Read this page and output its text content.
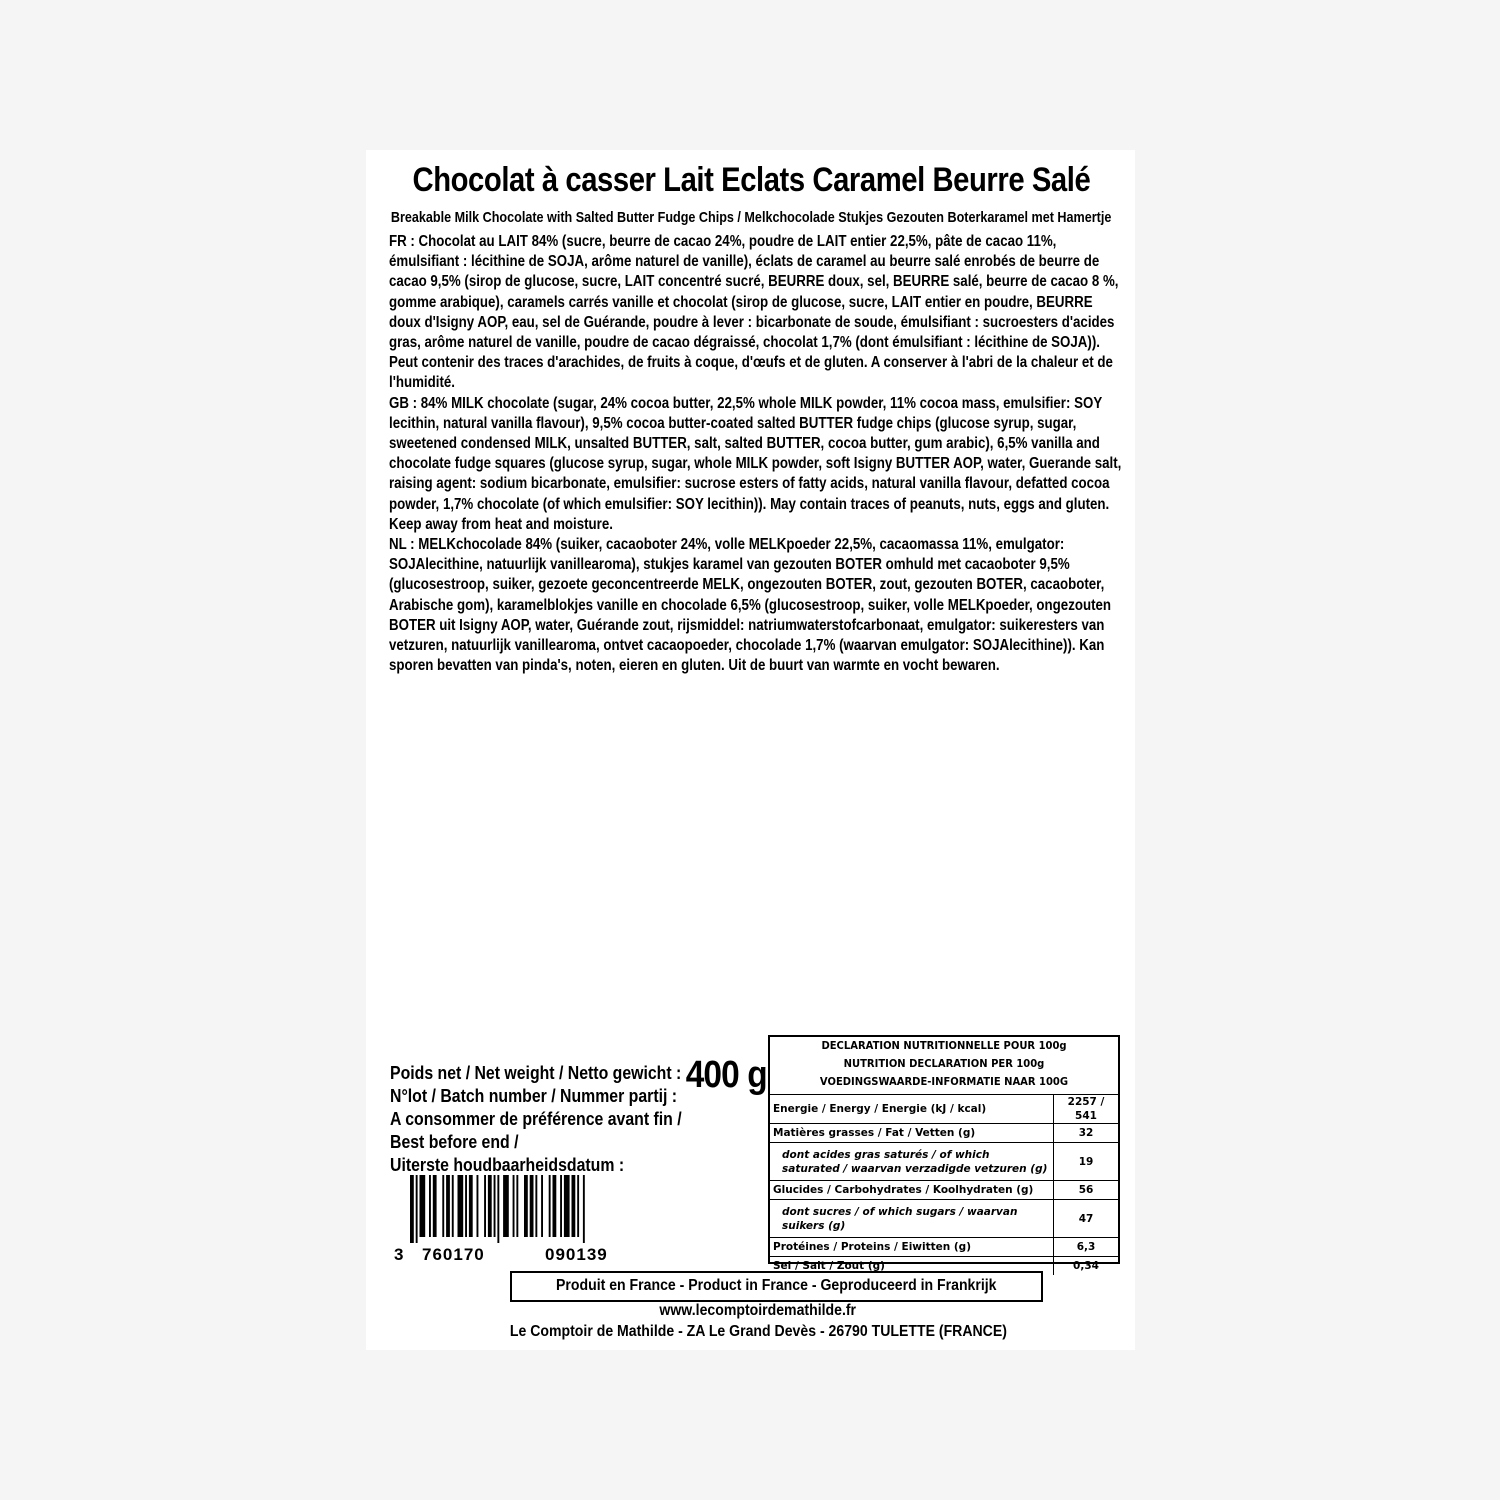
Chocolat à casser Lait Eclats Caramel Beurre Salé
Breakable Milk Chocolate with Salted Butter Fudge Chips / Melkchocolade Stukjes Gezouten Boterkaramel met Hamertje

FR : Chocolat au LAIT 84% (sucre, beurre de cacao 24%, poudre de LAIT entier 22,5%, pâte de cacao 11%, émulsifiant : lécithine de SOJA, arôme naturel de vanille), éclats de caramel au beurre salé enrobés de beurre de cacao 9,5% (sirop de glucose, sucre, LAIT concentré sucré, BEURRE doux, sel, BEURRE salé, beurre de cacao 8 %, gomme arabique), caramels carrés vanille et chocolat (sirop de glucose, sucre, LAIT entier en poudre, BEURRE doux d'Isigny AOP, eau, sel de Guérande, poudre à lever : bicarbonate de soude, émulsifiant : sucroesters d'acides gras, arôme naturel de vanille, poudre de cacao dégraissé, chocolat 1,7% (dont émulsifiant : lécithine de SOJA)). Peut contenir des traces d'arachides, de fruits à coque, d'œufs et de gluten. A conserver à l'abri de la chaleur et de l'humidité.

GB : 84% MILK chocolate (sugar, 24% cocoa butter, 22,5% whole MILK powder, 11% cocoa mass, emulsifier: SOY lecithin, natural vanilla flavour), 9,5% cocoa butter-coated salted BUTTER fudge chips (glucose syrup, sugar, sweetened condensed MILK, unsalted BUTTER, salt, salted BUTTER, cocoa butter, gum arabic), 6,5% vanilla and chocolate fudge squares (glucose syrup, sugar, whole MILK powder, soft Isigny BUTTER AOP, water, Guerande salt, raising agent: sodium bicarbonate, emulsifier: sucrose esters of fatty acids, natural vanilla flavour, defatted cocoa powder, 1,7% chocolate (of which emulsifier: SOY lecithin)). May contain traces of peanuts, nuts, eggs and gluten. Keep away from heat and moisture.

NL : MELKchocolade 84% (suiker, cacaoboter 24%, volle MELKpoeder 22,5%, cacaomassa 11%, emulgator: SOJAlecithine, natuurlijk vanillearoma), stukjes karamel van gezouten BOTER omhuld met cacaoboter 9,5% (glucosestroop, suiker, gezoete geconcentreerde MELK, ongezouten BOTER, zout, gezouten BOTER, cacaoboter, Arabische gom), karamelblokjes vanille en chocolade 6,5% (glucosestroop, suiker, volle MELKpoeder, ongezouten BOTER uit Isigny AOP, water, Guérande zout, rijsmiddel: natriumwaterstofcarbonaat, emulgator: suikeresters van vetzuren, natuurlijk vanillearoma, ontvet cacaopoeder, chocolade 1,7% (waarvan emulgator: SOJAlecithine)). Kan sporen bevatten van pinda's, noten, eieren en gluten. Uit de buurt van warmte en vocht bewaren.

Poids net / Net weight / Netto gewicht : 400 g

N°lot / Batch number / Nummer partij :

A consommer de préférence avant fin /

Best before end /

Uiterste houdbaarheidsdatum :

3 760170	090139
DECLARATION NUTRITIONNELLE POUR 100g
NUTRITION DECLARATION PER 100g
VOEDINGSWAARDE-INFORMATIE NAAR 100G
Energie / Energy / Energie (kJ / kcal)	2257 / 541
Matières grasses / Fat / Vetten (g)	32
dont acides gras saturés / of which saturated / waarvan verzadigde vetzuren (g)	19
Glucides / Carbohydrates / Koolhydraten (g)	56
dont sucres / of which sugars / waarvan suikers (g)	47
Protéines / Proteins / Eiwitten (g)	6,3
Sel / Salt / Zout (g)	0,34
Produit en France - Product in France - Geproduceerd in Frankrijk
www.lecomptoirdemathilde.fr
Le Comptoir de Mathilde - ZA Le Grand Devès - 26790 TULETTE (FRANCE)
